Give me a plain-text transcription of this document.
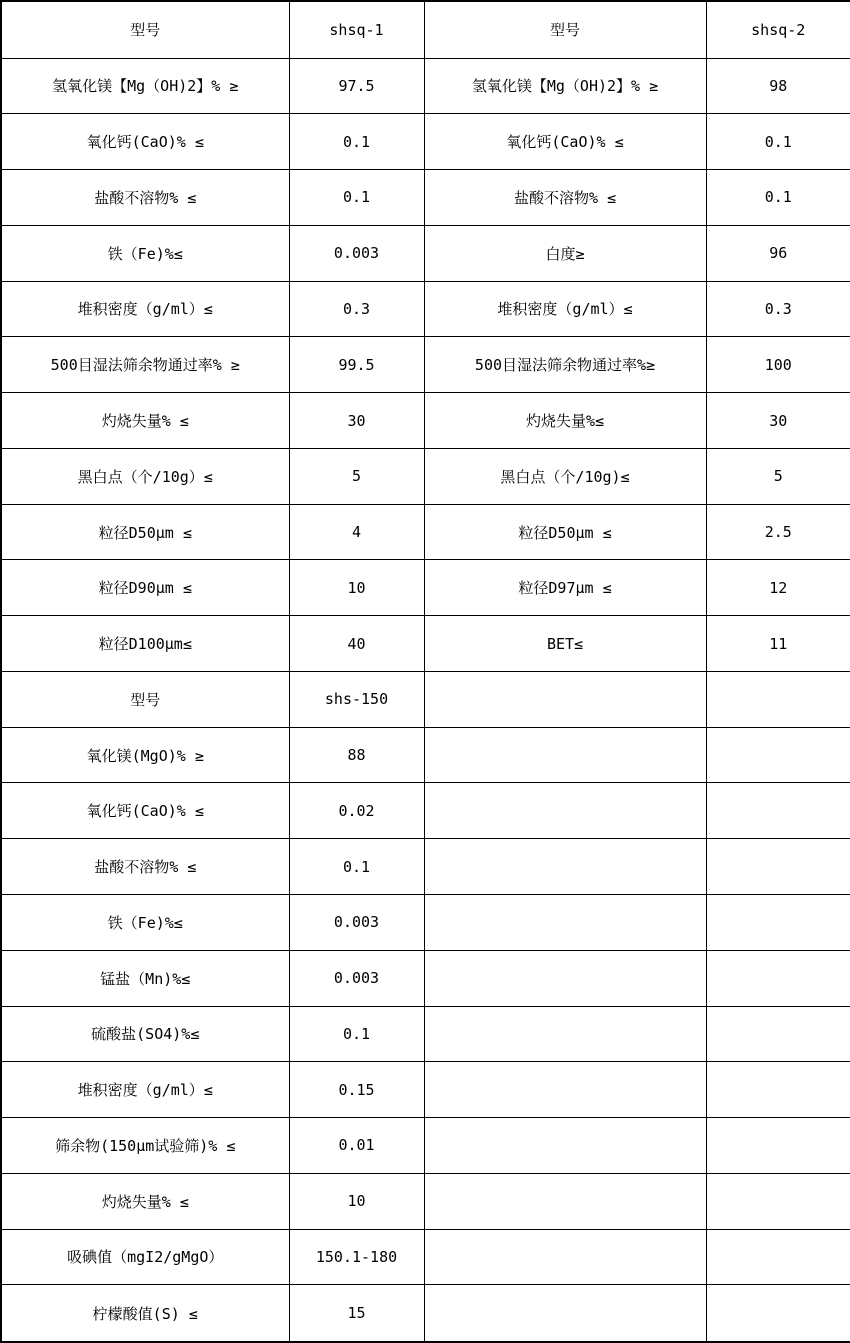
型号	shsq-1	型号	shsq-2
氢氧化镁【Mg（OH)2】% ≥	97.5	氢氧化镁【Mg（OH)2】% ≥	98
氧化钙(CaO)% ≤	0.1	氧化钙(CaO)% ≤	0.1
盐酸不溶物% ≤	0.1	盐酸不溶物% ≤	0.1
铁（Fe)%≤	0.003	白度≥	96
堆积密度（g/ml）≤	0.3	堆积密度（g/ml）≤	0.3
500目湿法筛余物通过率% ≥	99.5	500目湿法筛余物通过率%≥	100
灼烧失量% ≤	30	灼烧失量%≤	30
黑白点（个/10g）≤	5	黑白点（个/10g)≤	5
粒径D50μm ≤	4	粒径D50μm ≤	2.5
粒径D90μm ≤	10	粒径D97μm ≤	12
粒径D100μm≤	40	BET≤	11
型号	shs-150		
氧化镁(MgO)% ≥	88		
氧化钙(CaO)% ≤	0.02		
盐酸不溶物% ≤	0.1		
铁（Fe)%≤	0.003		
锰盐（Mn)%≤	0.003		
硫酸盐(SO4)%≤	0.1		
堆积密度（g/ml）≤	0.15		
筛余物(150μm试验筛)% ≤	0.01		
灼烧失量% ≤	10		
吸碘值（mgI2/gMgO）	150.1-180		
柠檬酸值(S) ≤	15		
